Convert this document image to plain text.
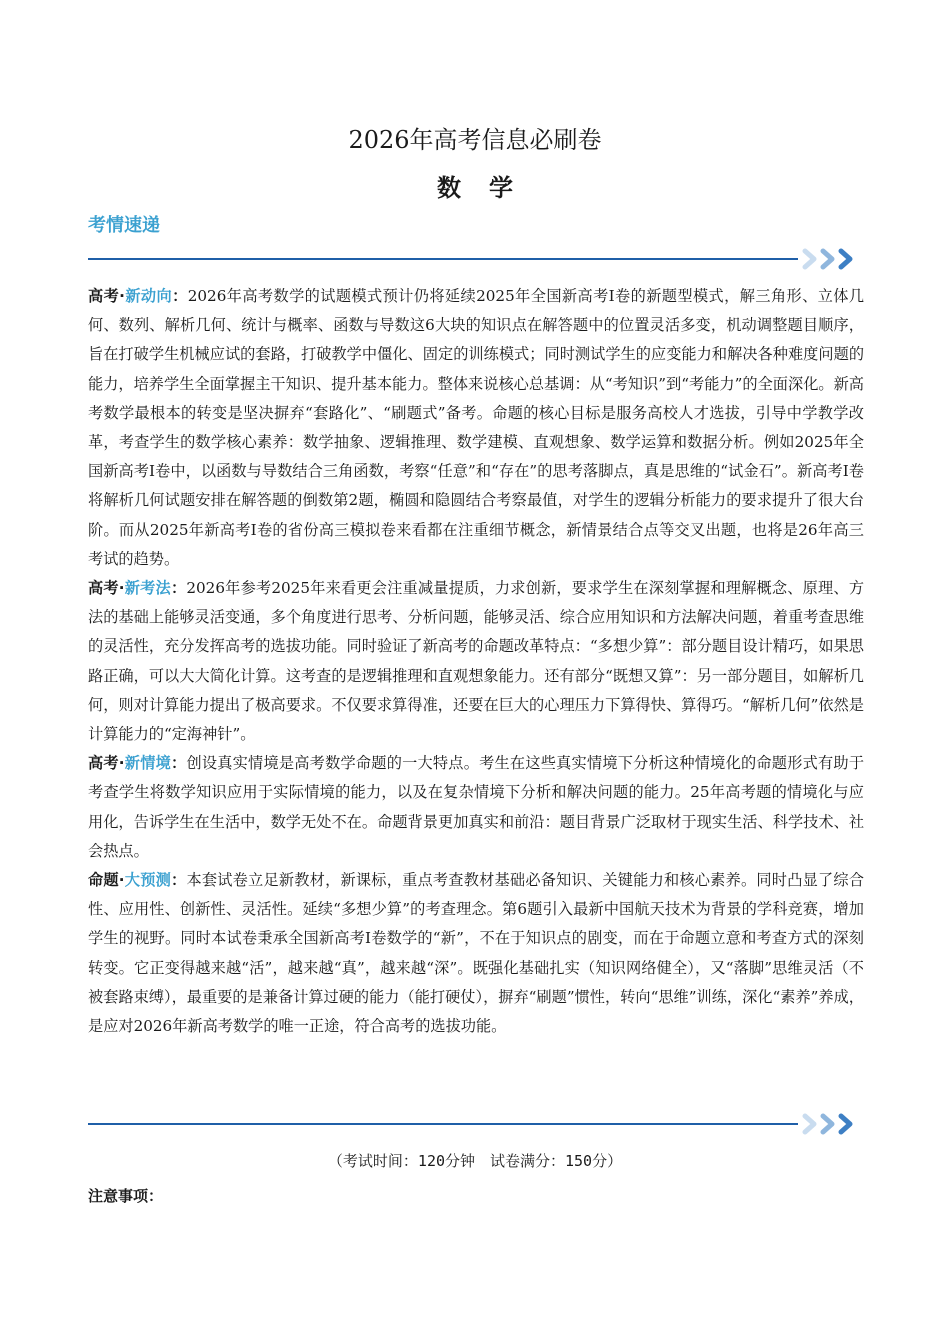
2026年高考信息必刷卷
数学
考情速递

高考·新动向：2026年高考数学的试题模式预计仍将延续2025年全国新高考Ⅰ卷的新题型模式，解三角形、立体几何、数列、解析几何、统计与概率、函数与导数这6大块的知识点在解答题中的位置灵活多变，机动调整题目顺序，旨在打破学生机械应试的套路，打破教学中僵化、固定的训练模式；同时测试学生的应变能力和解决各种难度问题的能力，培养学生全面掌握主干知识、提升基本能力。整体来说核心总基调：从“考知识”到“考能力”的全面深化。新高考数学最根本的转变是坚决摒弃“套路化”、“刷题式”备考。命题的核心目标是服务高校人才选拔，引导中学教学改革，考查学生的数学核心素养：数学抽象、逻辑推理、数学建模、直观想象、数学运算和数据分析。例如2025年全国新高考Ⅰ卷中，以函数与导数结合三角函数，考察“任意”和“存在”的思考落脚点，真是思维的“试金石”。新高考Ⅰ卷将解析几何试题安排在解答题的倒数第2题，椭圆和隐圆结合考察最值，对学生的逻辑分析能力的要求提升了很大台阶。而从2025年新高考Ⅰ卷的省份高三模拟卷来看都在注重细节概念，新情景结合点等交叉出题，也将是26年高三考试的趋势。

高考·新考法：2026年参考2025年来看更会注重减量提质，力求创新，要求学生在深刻掌握和理解概念、原理、方法的基础上能够灵活变通，多个角度进行思考、分析问题，能够灵活、综合应用知识和方法解决问题，着重考查思维的灵活性，充分发挥高考的选拔功能。同时验证了新高考的命题改革特点：“多想少算”：部分题目设计精巧，如果思路正确，可以大大简化计算。这考查的是逻辑推理和直观想象能力。还有部分“既想又算”：另一部分题目，如解析几何，则对计算能力提出了极高要求。不仅要求算得准，还要在巨大的心理压力下算得快、算得巧。“解析几何”依然是计算能力的“定海神针”。

高考·新情境：创设真实情境是高考数学命题的一大特点。考生在这些真实情境下分析这种情境化的命题形式有助于考查学生将数学知识应用于实际情境的能力，以及在复杂情境下分析和解决问题的能力。25年高考题的情境化与应用化，告诉学生在生活中，数学无处不在。命题背景更加真实和前沿：题目背景广泛取材于现实生活、科学技术、社会热点。

命题·大预测：本套试卷立足新教材，新课标，重点考查教材基础必备知识、关键能力和核心素养。同时凸显了综合性、应用性、创新性、灵活性。延续“多想少算”的考查理念。第6题引入最新中国航天技术为背景的学科竞赛，增加学生的视野。同时本试卷秉承全国新高考Ⅰ卷数学的“新”，不在于知识点的剧变，而在于命题立意和考查方式的深刻转变。它正变得越来越“活”，越来越“真”，越来越“深”。既强化基础扎实（知识网络健全），又“落脚”思维灵活（不被套路束缚），最重要的是兼备计算过硬的能力（能打硬仗），摒弃“刷题”惯性，转向“思维”训练，深化“素养”养成，是应对2026年新高考数学的唯一正途，符合高考的选拔功能。

（考试时间：120分钟　试卷满分：150分）
注意事项：
